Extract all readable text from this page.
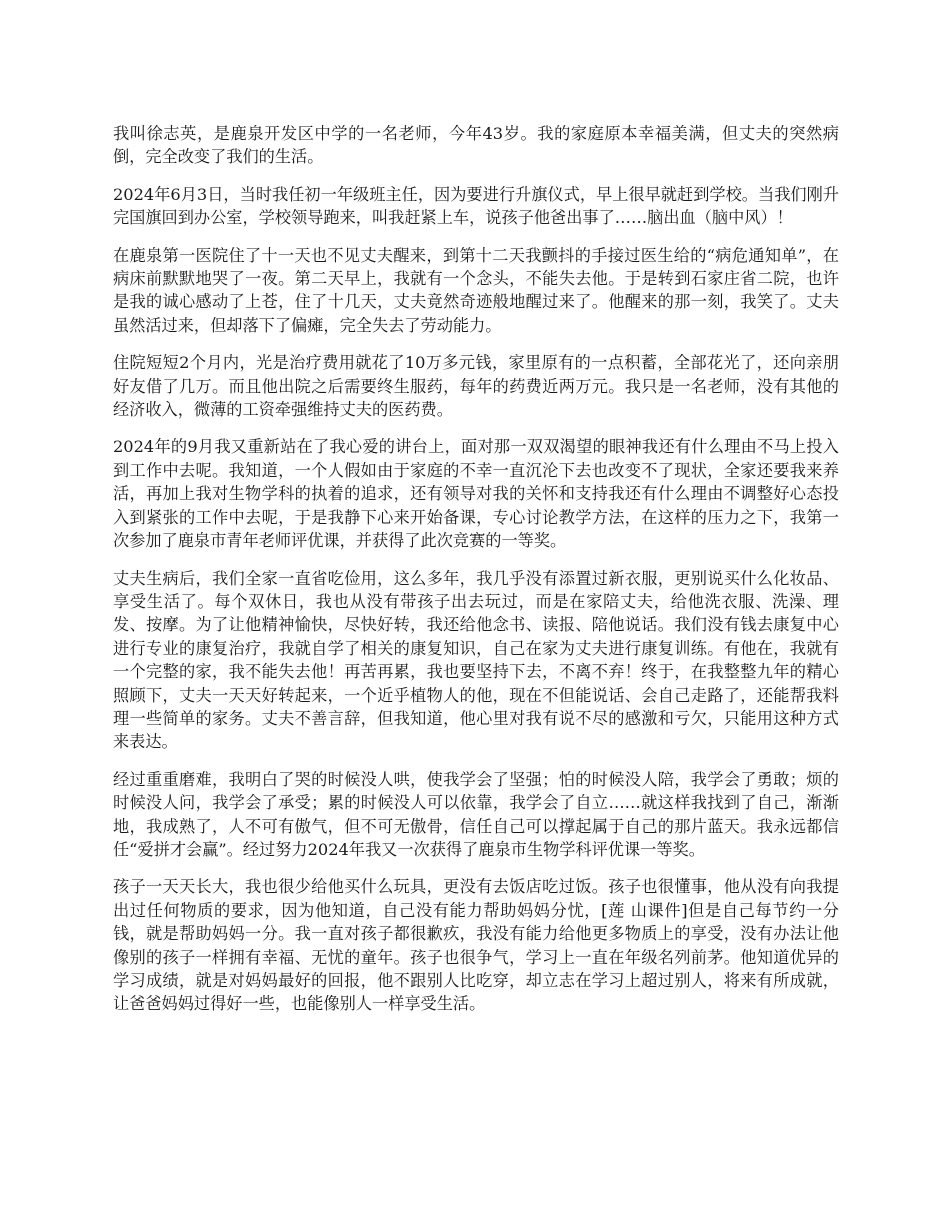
我叫徐志英，是鹿泉开发区中学的一名老师，今年43岁。我的家庭原本幸福美满，但丈夫的突然病倒，完全改变了我们的生活。

2024年6月3日，当时我任初一年级班主任，因为要进行升旗仪式，早上很早就赶到学校。当我们刚升完国旗回到办公室，学校领导跑来，叫我赶紧上车，说孩子他爸出事了……脑出血（脑中风）！

在鹿泉第一医院住了十一天也不见丈夫醒来，到第十二天我颤抖的手接过医生给的“病危通知单”，在病床前默默地哭了一夜。第二天早上，我就有一个念头，不能失去他。于是转到石家庄省二院，也许是我的诚心感动了上苍，住了十几天，丈夫竟然奇迹般地醒过来了。他醒来的那一刻，我笑了。丈夫虽然活过来，但却落下了偏瘫，完全失去了劳动能力。

住院短短2个月内，光是治疗费用就花了10万多元钱，家里原有的一点积蓄，全部花光了，还向亲朋好友借了几万。而且他出院之后需要终生服药，每年的药费近两万元。我只是一名老师，没有其他的经济收入，微薄的工资牵强维持丈夫的医药费。

2024年的9月我又重新站在了我心爱的讲台上，面对那一双双渴望的眼神我还有什么理由不马上投入到工作中去呢。我知道，一个人假如由于家庭的不幸一直沉沦下去也改变不了现状，全家还要我来养活，再加上我对生物学科的执着的追求，还有领导对我的关怀和支持我还有什么理由不调整好心态投入到紧张的工作中去呢，于是我静下心来开始备课，专心讨论教学方法，在这样的压力之下，我第一次参加了鹿泉市青年老师评优课，并获得了此次竞赛的一等奖。

丈夫生病后，我们全家一直省吃俭用，这么多年，我几乎没有添置过新衣服，更别说买什么化妆品、享受生活了。每个双休日，我也从没有带孩子出去玩过，而是在家陪丈夫，给他洗衣服、洗澡、理发、按摩。为了让他精神愉快，尽快好转，我还给他念书、读报、陪他说话。我们没有钱去康复中心进行专业的康复治疗，我就自学了相关的康复知识，自己在家为丈夫进行康复训练。有他在，我就有一个完整的家，我不能失去他！再苦再累，我也要坚持下去，不离不弃！终于，在我整整九年的精心照顾下，丈夫一天天好转起来，一个近乎植物人的他，现在不但能说话、会自己走路了，还能帮我料理一些简单的家务。丈夫不善言辞，但我知道，他心里对我有说不尽的感激和亏欠，只能用这种方式来表达。

经过重重磨难，我明白了哭的时候没人哄，使我学会了坚强；怕的时候没人陪，我学会了勇敢；烦的时候没人问，我学会了承受；累的时候没人可以依靠，我学会了自立……就这样我找到了自己，渐渐地，我成熟了，人不可有傲气，但不可无傲骨，信任自己可以撑起属于自己的那片蓝天。我永远都信任“爱拼才会赢”。经过努力2024年我又一次获得了鹿泉市生物学科评优课一等奖。

孩子一天天长大，我也很少给他买什么玩具，更没有去饭店吃过饭。孩子也很懂事，他从没有向我提出过任何物质的要求，因为他知道，自己没有能力帮助妈妈分忧，[莲 山课件]但是自己每节约一分钱，就是帮助妈妈一分。我一直对孩子都很歉疚，我没有能力给他更多物质上的享受，没有办法让他像别的孩子一样拥有幸福、无忧的童年。孩子也很争气，学习上一直在年级名列前茅。他知道优异的学习成绩，就是对妈妈最好的回报，他不跟别人比吃穿，却立志在学习上超过别人，将来有所成就，让爸爸妈妈过得好一些，也能像别人一样享受生活。
